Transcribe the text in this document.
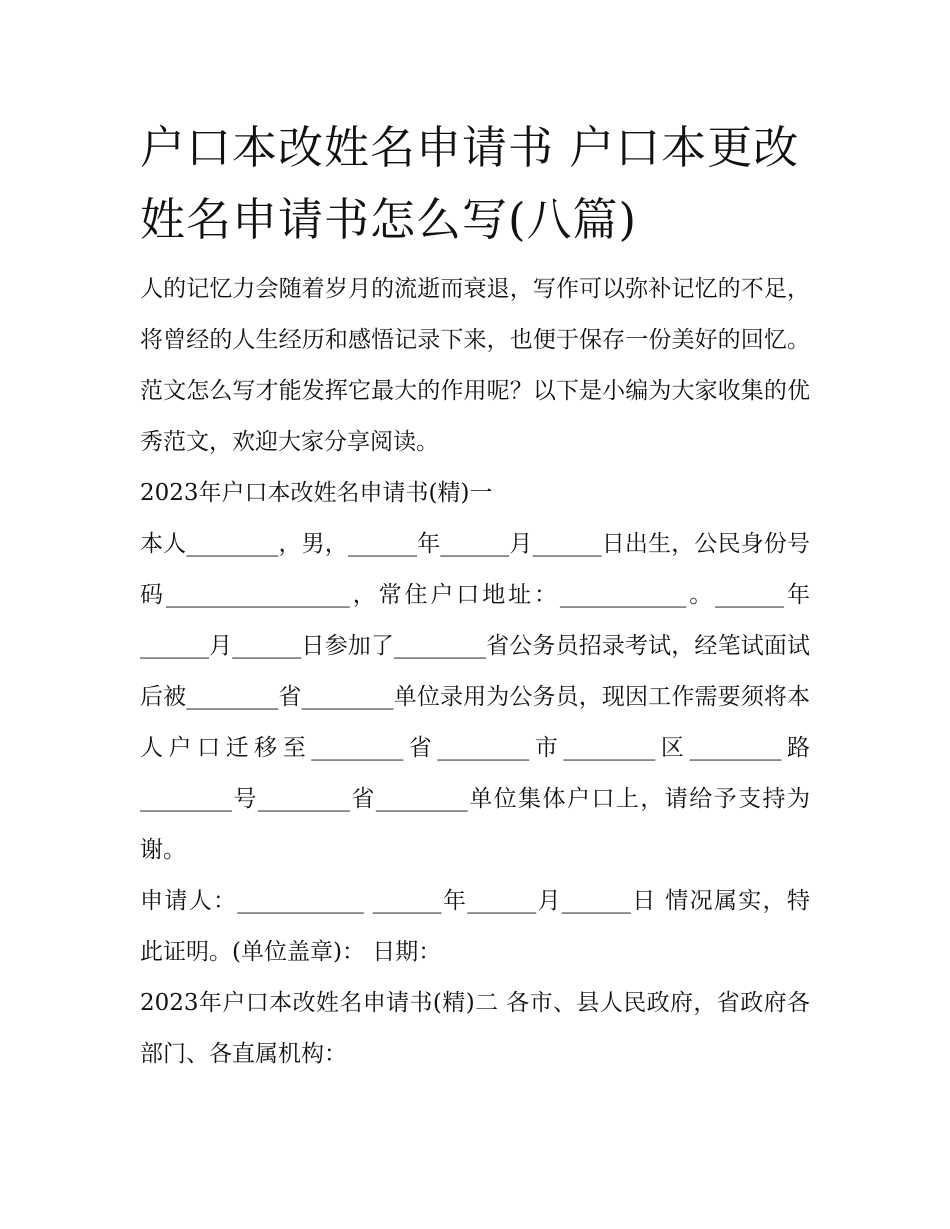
户口本改姓名申请书 户口本更改姓名申请书怎么写(八篇)

人的记忆力会随着岁月的流逝而衰退，写作可以弥补记忆的不足，将曾经的人生经历和感悟记录下来，也便于保存一份美好的回忆。范文怎么写才能发挥它最大的作用呢？以下是小编为大家收集的优秀范文，欢迎大家分享阅读。

2023年户口本改姓名申请书(精)一

本人________，男，______年______月______日出生，公民身份号码________________，常住户口地址：___________。______年______月______日参加了________省公务员招录考试，经笔试面试后被________省________单位录用为公务员，现因工作需要须将本人户口迁移至________省________市________区________路________号________省________单位集体户口上，请给予支持为谢。

申请人：___________ ______年______月______日 情况属实，特此证明。(单位盖章)： 日期：

2023年户口本改姓名申请书(精)二 各市、县人民政府，省政府各部门、各直属机构：
